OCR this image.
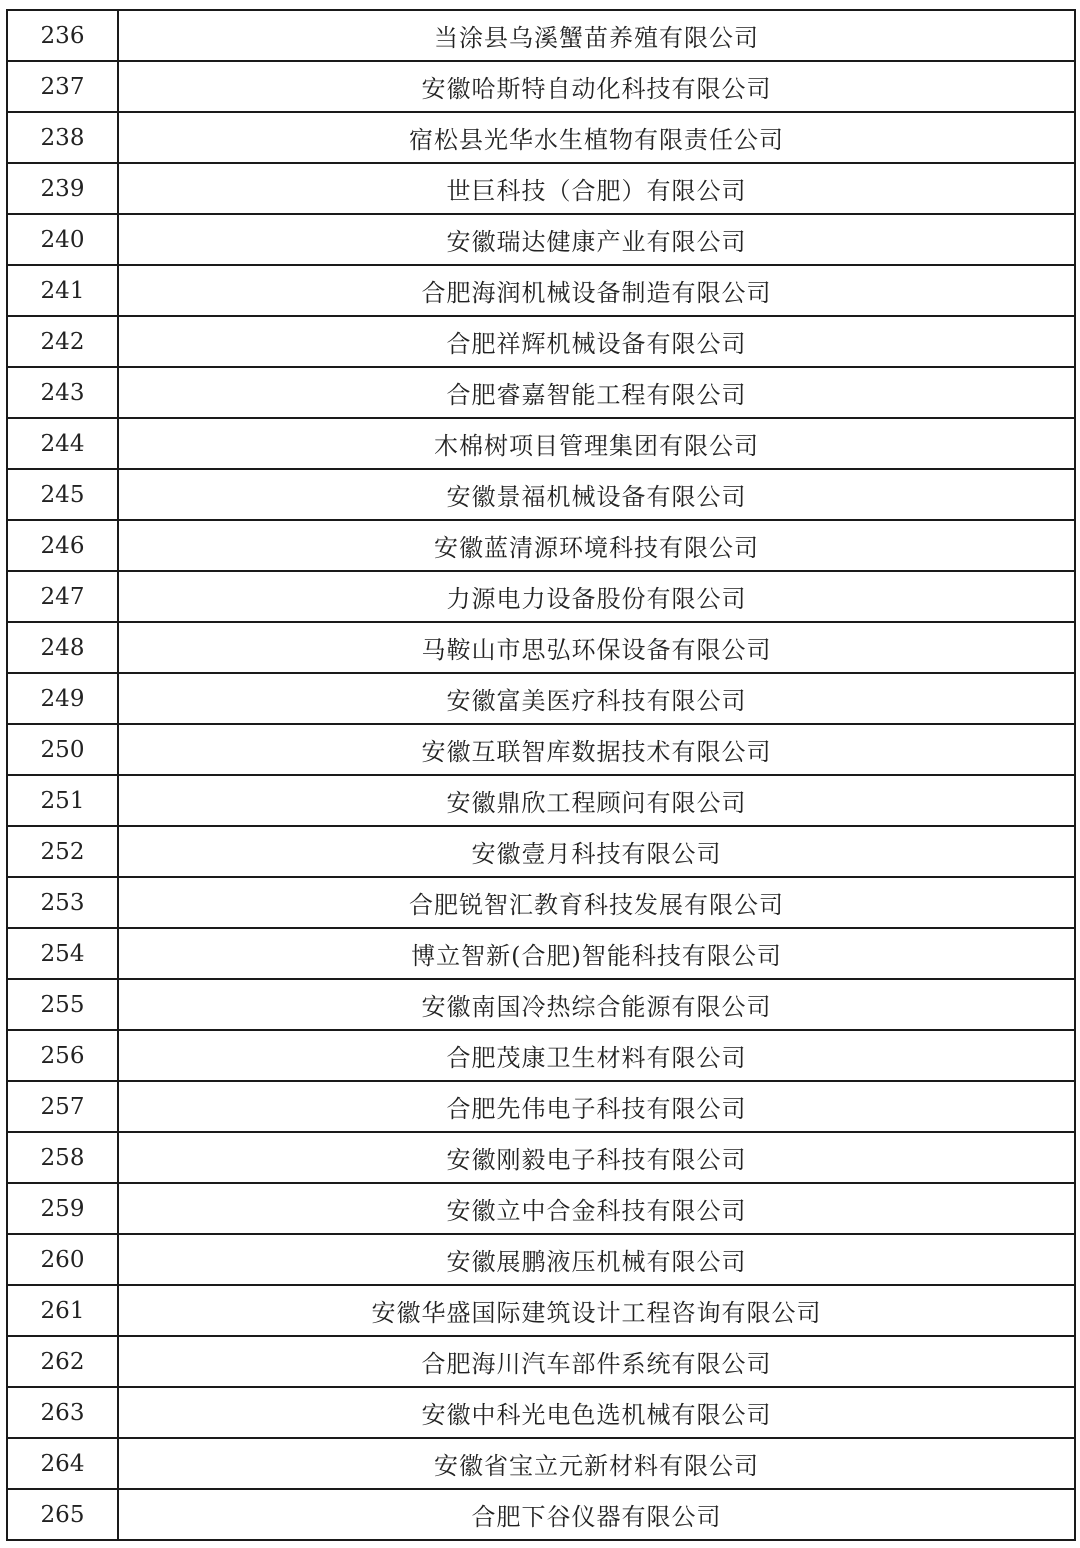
236	当涂县乌溪蟹苗养殖有限公司
237	安徽哈斯特自动化科技有限公司
238	宿松县光华水生植物有限责任公司
239	世巨科技（合肥）有限公司
240	安徽瑞达健康产业有限公司
241	合肥海润机械设备制造有限公司
242	合肥祥辉机械设备有限公司
243	合肥睿嘉智能工程有限公司
244	木棉树项目管理集团有限公司
245	安徽景福机械设备有限公司
246	安徽蓝清源环境科技有限公司
247	力源电力设备股份有限公司
248	马鞍山市思弘环保设备有限公司
249	安徽富美医疗科技有限公司
250	安徽互联智库数据技术有限公司
251	安徽鼎欣工程顾问有限公司
252	安徽壹月科技有限公司
253	合肥锐智汇教育科技发展有限公司
254	博立智新(合肥)智能科技有限公司
255	安徽南国冷热综合能源有限公司
256	合肥茂康卫生材料有限公司
257	合肥先伟电子科技有限公司
258	安徽刚毅电子科技有限公司
259	安徽立中合金科技有限公司
260	安徽展鹏液压机械有限公司
261	安徽华盛国际建筑设计工程咨询有限公司
262	合肥海川汽车部件系统有限公司
263	安徽中科光电色选机械有限公司
264	安徽省宝立元新材料有限公司
265	合肥下谷仪器有限公司
